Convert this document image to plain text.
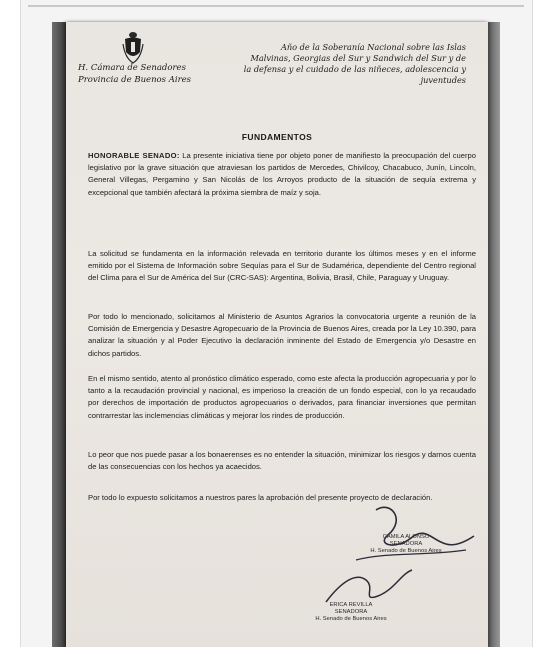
H. Cámara de Senadores
Provincia de Buenos Aires
Año de la Soberanía Nacional sobre las Islas
Malvinas, Georgias del Sur y Sandwich del Sur y de
la defensa y el cuidado de las niñeces, adolescencia y
juventudes
FUNDAMENTOS
HONORABLE SENADO: La presente iniciativa tiene por objeto poner de manifiesto la preocupación del cuerpo legislativo por la grave situación que atraviesan los partidos de Mercedes, Chivilcoy, Chacabuco, Junín, Lincoln, General Villegas, Pergamino y San Nicolás de los Arroyos producto de la situación de sequía extrema y excepcional que también afectará la próxima siembra de maíz y soja.
La solicitud se fundamenta en la información relevada en territorio durante los últimos meses y en el informe emitido por el Sistema de Información sobre Sequías para el Sur de Sudamérica, dependiente del Centro regional del Clima para el Sur de América del Sur (CRC-SAS): Argentina, Bolivia, Brasil, Chile, Paraguay y Uruguay.
Por todo lo mencionado, solicitamos al Ministerio de Asuntos Agrarios la convocatoria urgente a reunión de la Comisión de Emergencia y Desastre Agropecuario de la Provincia de Buenos Aires, creada por la Ley 10.390, para analizar la situación y al Poder Ejecutivo la declaración inminente del Estado de Emergencia y/o Desastre en dichos partidos.
En el mismo sentido, atento al pronóstico climático esperado, como este afecta la producción agropecuaria y por lo tanto a la recaudación provincial y nacional, es imperioso la creación de un fondo especial, con lo ya recaudado por derechos de importación de productos agropecuarios o derivados, para financiar inversiones que permitan contrarrestar las inclemencias climáticas y mejorar los rindes de producción.
Lo peor que nos puede pasar a los bonaerenses es no entender la situación, minimizar los riesgos y darnos cuenta de las consecuencias con los hechos ya acaecidos.
Por todo lo expuesto solicitamos a nuestros pares la aprobación del presente proyecto de declaración.
CAMILA ALONSO
SENADORA
H. Senado de Buenos Aires
ERICA REVILLA
SENADORA
H. Senado de Buenos Aires
